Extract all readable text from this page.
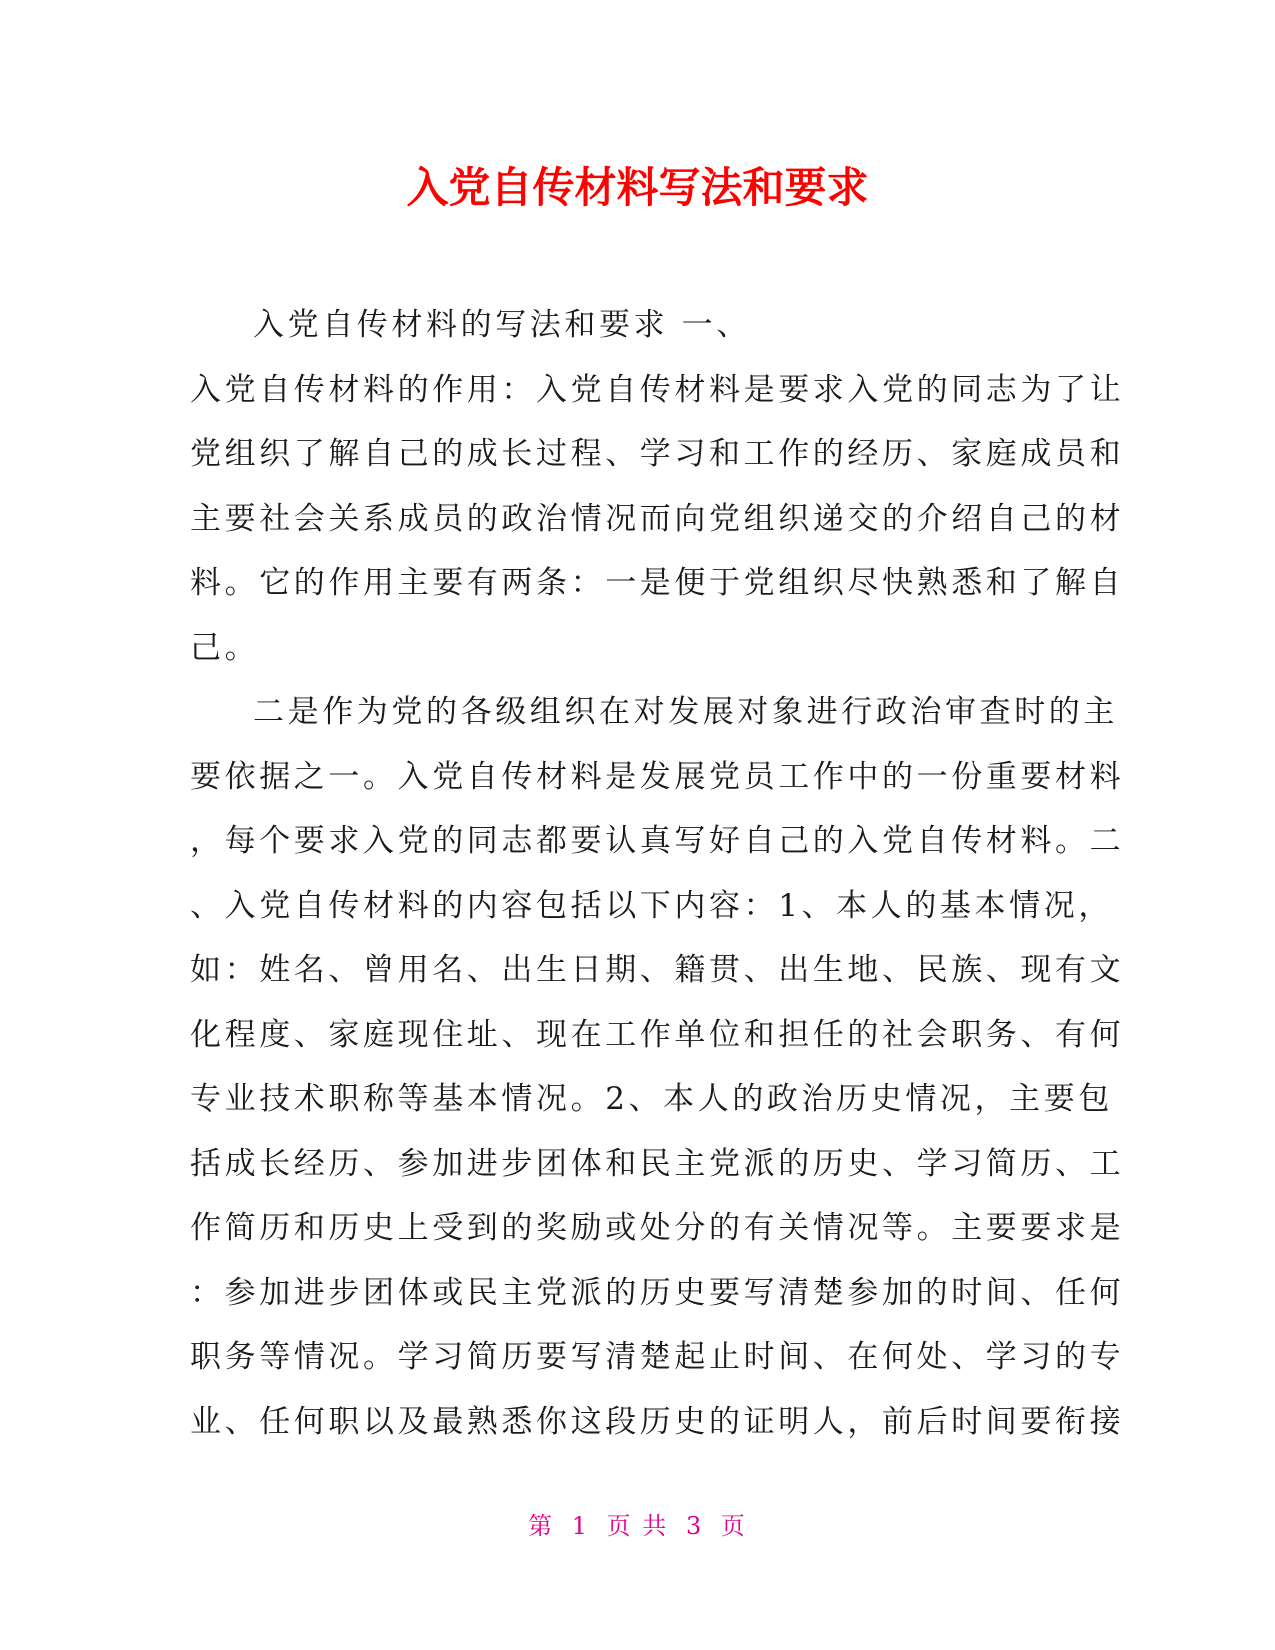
入党自传材料写法和要求
入党自传材料的写法和要求 一、
入党自传材料的作用：入党自传材料是要求入党的同志为了让
党组织了解自己的成长过程、学习和工作的经历、家庭成员和
主要社会关系成员的政治情况而向党组织递交的介绍自己的材
料。它的作用主要有两条：一是便于党组织尽快熟悉和了解自
己。
二是作为党的各级组织在对发展对象进行政治审查时的主
要依据之一。入党自传材料是发展党员工作中的一份重要材料
，每个要求入党的同志都要认真写好自己的入党自传材料。二
、入党自传材料的内容包括以下内容：1、本人的基本情况，
如：姓名、曾用名、出生日期、籍贯、出生地、民族、现有文
化程度、家庭现住址、现在工作单位和担任的社会职务、有何
专业技术职称等基本情况。2、本人的政治历史情况，主要包
括成长经历、参加进步团体和民主党派的历史、学习简历、工
作简历和历史上受到的奖励或处分的有关情况等。主要要求是
：参加进步团体或民主党派的历史要写清楚参加的时间、任何
职务等情况。学习简历要写清楚起止时间、在何处、学习的专
业、任何职以及最熟悉你这段历史的证明人，前后时间要衔接
第 1 页 共 3 页
